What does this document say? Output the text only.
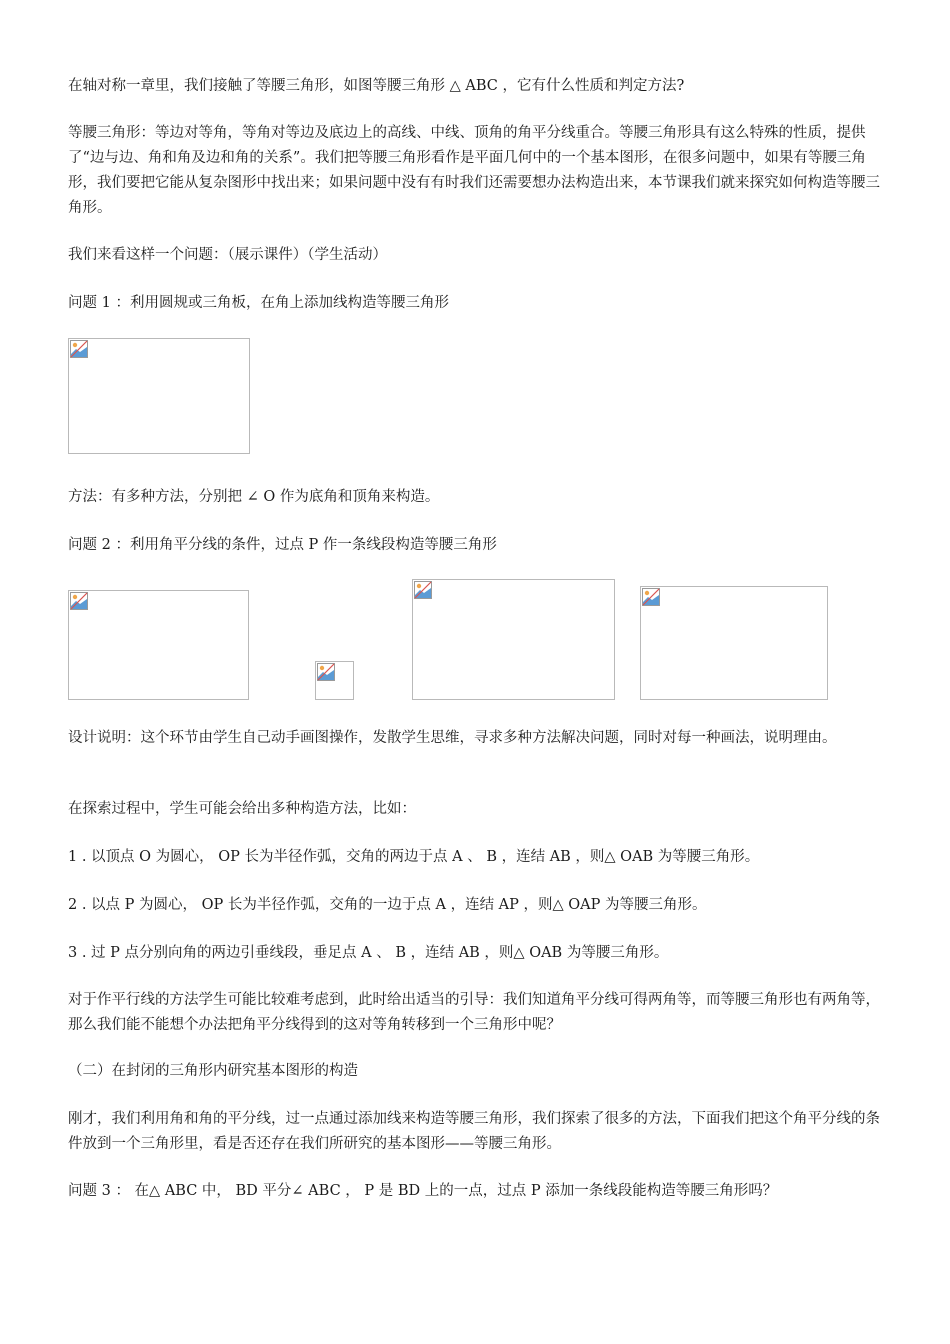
在轴对称一章里，我们接触了等腰三角形，如图等腰三角形 △ ABC ，它有什么性质和判定方法?

等腰三角形：等边对等角，等角对等边及底边上的高线、中线、顶角的角平分线重合。等腰三角形具有这么特殊的性质，提供了“边与边、角和角及边和角的关系”。我们把等腰三角形看作是平面几何中的一个基本图形，在很多问题中，如果有等腰三角形，我们要把它能从复杂图形中找出来；如果问题中没有有时我们还需要想办法构造出来，本节课我们就来探究如何构造等腰三角形。

我们来看这样一个问题：（展示课件）（学生活动）

问题 1 ：利用圆规或三角板，在角上添加线构造等腰三角形

方法：有多种方法，分别把 ∠ O 作为底角和顶角来构造。

问题 2 ：利用角平分线的条件，过点 P 作一条线段构造等腰三角形

设计说明：这个环节由学生自己动手画图操作，发散学生思维，寻求多种方法解决问题，同时对每一种画法，说明理由。

在探索过程中，学生可能会给出多种构造方法，比如：

1 . 以顶点 O 为圆心， OP 长为半径作弧，交角的两边于点 A 、 B ，连结 AB ，则△ OAB 为等腰三角形。

2 . 以点 P 为圆心， OP 长为半径作弧，交角的一边于点 A ，连结 AP ，则△ OAP 为等腰三角形。

3 . 过 P 点分别向角的两边引垂线段，垂足点 A 、 B ，连结 AB ，则△ OAB 为等腰三角形。

对于作平行线的方法学生可能比较难考虑到，此时给出适当的引导：我们知道角平分线可得两角等，而等腰三角形也有两角等，那么我们能不能想个办法把角平分线得到的这对等角转移到一个三角形中呢？

（二）在封闭的三角形内研究基本图形的构造

刚才，我们利用角和角的平分线，过一点通过添加线来构造等腰三角形，我们探索了很多的方法，下面我们把这个角平分线的条件放到一个三角形里，看是否还存在我们所研究的基本图形——等腰三角形。

问题 3 ： 在△ ABC 中， BD 平分∠ ABC ， P 是 BD 上的一点，过点 P 添加一条线段能构造等腰三角形吗？
